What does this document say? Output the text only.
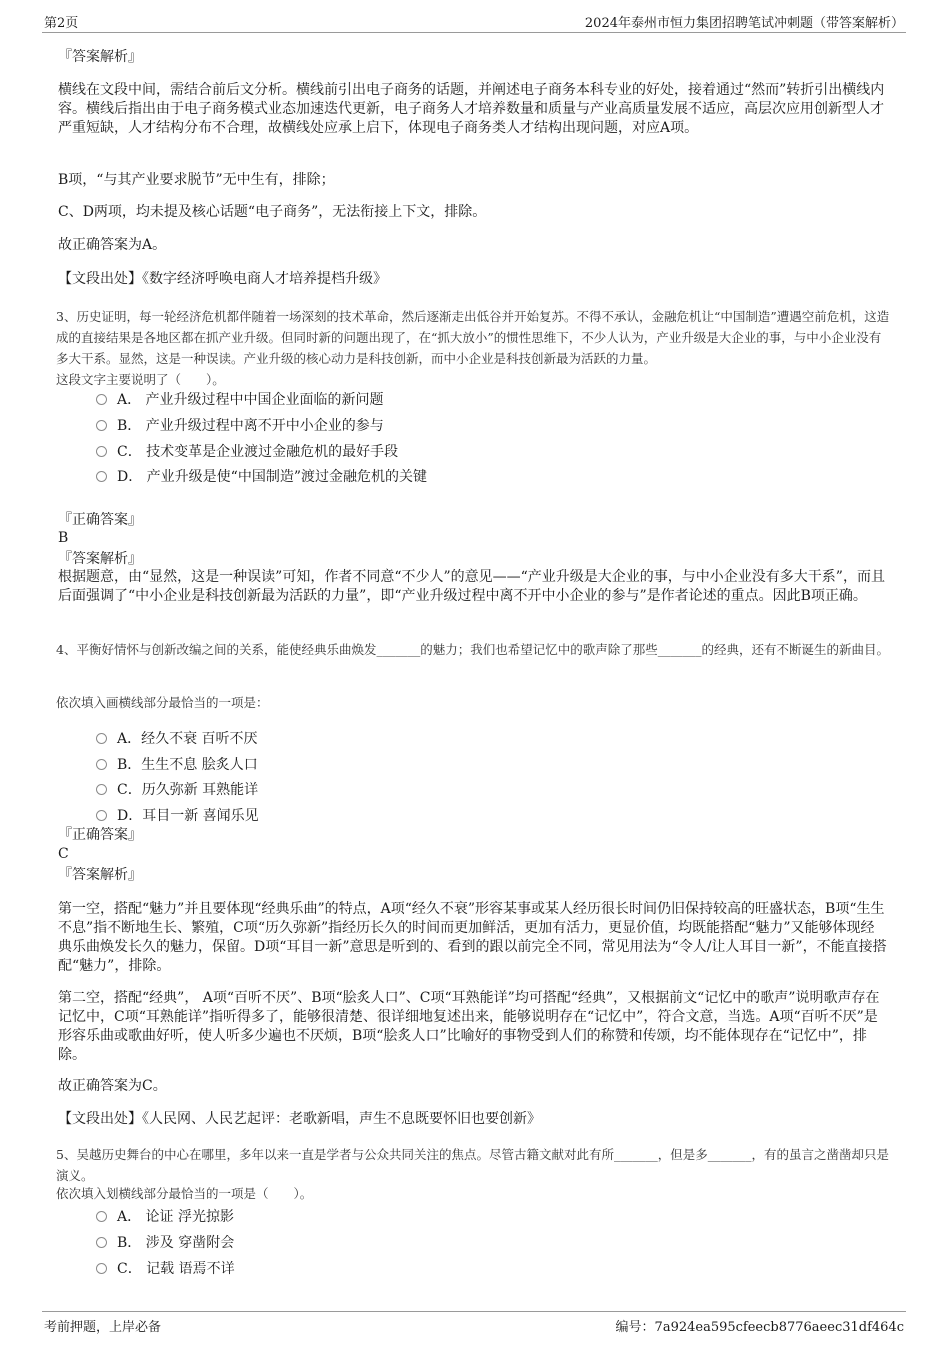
第2页	2024年泰州市恒力集团招聘笔试冲刺题（带答案解析）
『答案解析』

横线在文段中间，需结合前后文分析。横线前引出电子商务的话题，并阐述电子商务本科专业的好处，接着通过“然而”转折引出横线内容。横线后指出由于电子商务模式业态加速迭代更新，电子商务人才培养数量和质量与产业高质量发展不适应，高层次应用创新型人才严重短缺，人才结构分布不合理，故横线处应承上启下，体现电子商务类人才结构出现问题，对应A项。

B项，“与其产业要求脱节”无中生有，排除；

C、D两项，均未提及核心话题“电子商务”，无法衔接上下文，排除。

故正确答案为A。

【文段出处】《数字经济呼唤电商人才培养提档升级》

3、历史证明，每一轮经济危机都伴随着一场深刻的技术革命，然后逐渐走出低谷并开始复苏。不得不承认，金融危机让“中国制造”遭遇空前危机，这造成的直接结果是各地区都在抓产业升级。但同时新的问题出现了，在“抓大放小”的惯性思维下，不少人认为，产业升级是大企业的事，与中小企业没有多大干系。显然，这是一种误读。产业升级的核心动力是科技创新，而中小企业是科技创新最为活跃的力量。

这段文字主要说明了（　　）。

A． 产业升级过程中中国企业面临的新问题
B． 产业升级过程中离不开中小企业的参与
C． 技术变革是企业渡过金融危机的最好手段
D． 产业升级是使“中国制造”渡过金融危机的关键
『正确答案』
B
『答案解析』

根据题意，由“显然，这是一种误读”可知，作者不同意“不少人”的意见——“产业升级是大企业的事，与中小企业没有多大干系”，而且后面强调了“中小企业是科技创新最为活跃的力量”，即“产业升级过程中离不开中小企业的参与”是作者论述的重点。因此B项正确。

4、平衡好情怀与创新改编之间的关系，能使经典乐曲焕发_______的魅力；我们也希望记忆中的歌声除了那些_______的经典，还有不断诞生的新曲目。

依次填入画横线部分最恰当的一项是：

A．经久不衰 百听不厌
B．生生不息 脍炙人口
C．历久弥新 耳熟能详
D．耳目一新 喜闻乐见
『正确答案』
C
『答案解析』

第一空，搭配“魅力”并且要体现“经典乐曲”的特点，A项“经久不衰”形容某事或某人经历很长时间仍旧保持较高的旺盛状态，B项“生生不息”指不断地生长、繁殖，C项“历久弥新”指经历长久的时间而更加鲜活，更加有活力，更显价值，均既能搭配“魅力”又能够体现经典乐曲焕发长久的魅力，保留。D项“耳目一新”意思是听到的、看到的跟以前完全不同，常见用法为“令人/让人耳目一新”，不能直接搭配“魅力”，排除。

第二空，搭配“经典”， A项“百听不厌”、B项“脍炙人口”、C项“耳熟能详”均可搭配“经典”，又根据前文“记忆中的歌声”说明歌声存在记忆中，C项“耳熟能详”指听得多了，能够很清楚、很详细地复述出来，能够说明存在“记忆中”，符合文意，当选。A项“百听不厌”是形容乐曲或歌曲好听，使人听多少遍也不厌烦，B项“脍炙人口”比喻好的事物受到人们的称赞和传颂，均不能体现存在“记忆中”，排除。

故正确答案为C。

【文段出处】《人民网、人民艺起评：老歌新唱，声生不息既要怀旧也要创新》

5、吴越历史舞台的中心在哪里，多年以来一直是学者与公众共同关注的焦点。尽管古籍文献对此有所_______，但是多_______，有的虽言之凿凿却只是演义。

依次填入划横线部分最恰当的一项是（　　）。

A． 论证 浮光掠影
B． 涉及 穿凿附会
C． 记载 语焉不详
考前押题，上岸必备	编号：7a924ea595cfeecb8776aeec31df464c
